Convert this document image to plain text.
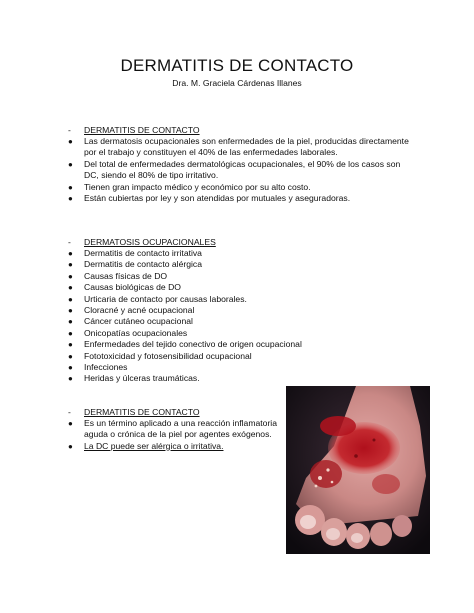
DERMATITIS DE CONTACTO
Dra. M. Graciela Cárdenas Illanes
-	DERMATITIS DE CONTACTO
●	Las dermatosis ocupacionales son enfermedades de la piel, producidas directamente por el trabajo y constituyen el 40% de las enfermedades laborales.
●	Del total de enfermedades dermatológicas ocupacionales, el 90% de los casos son DC, siendo el 80% de tipo irritativo.
●	Tienen gran impacto médico y económico por su alto costo.
●	Están cubiertas por ley y son atendidas por mutuales y aseguradoras.
-	DERMATOSIS OCUPACIONALES
●	Dermatitis de contacto irritativa
●	Dermatitis de contacto alérgica
●	Causas físicas de DO
●	Causas biológicas de DO
●	Urticaria de contacto por causas laborales.
●	Cloracné y acné ocupacional
●	Cáncer cutáneo ocupacional
●	Onicopatías ocupacionales
●	Enfermedades del tejido conectivo de origen ocupacional
●	Fototoxicidad y fotosensibilidad ocupacional
●	Infecciones
●	Heridas y úlceras traumáticas.
-	DERMATITIS DE CONTACTO
●	Es un término aplicado a una reacción inflamatoria aguda o crónica de la piel por agentes exógenos.
●	La DC puede ser alérgica o irritativa.
